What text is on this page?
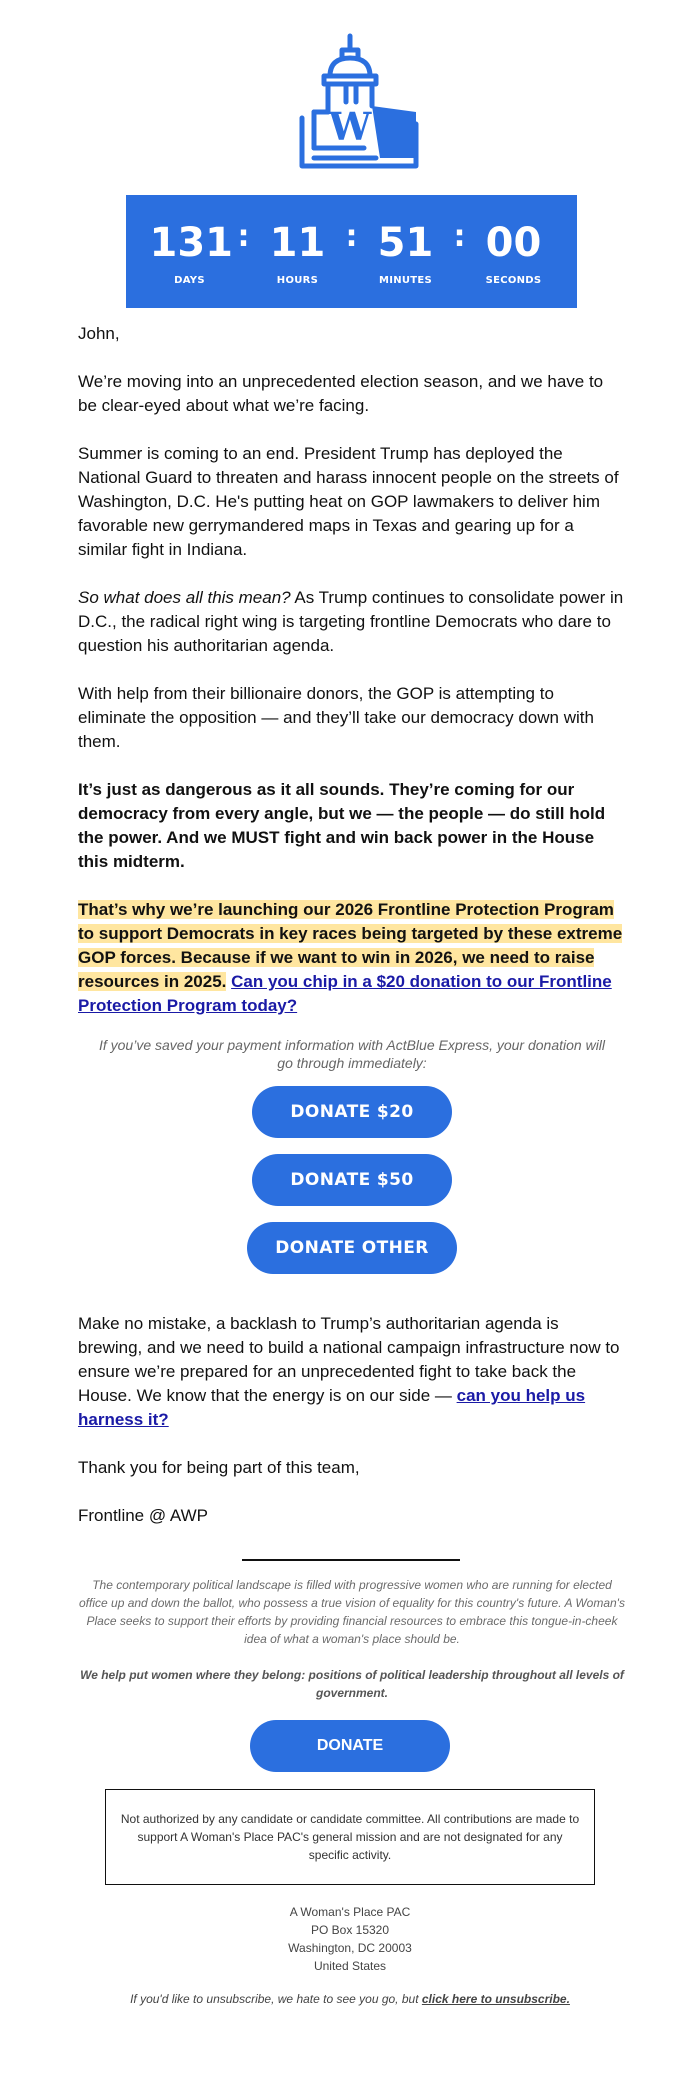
W
131
DAYS
: 11
HOURS
: 51
MINUTES
: 00
SECONDS

John,

We’re moving into an unprecedented election season, and we have to be clear-eyed about what we’re facing.

Summer is coming to an end. President Trump has deployed the National Guard to threaten and harass innocent people on the streets of Washington, D.C. He's putting heat on GOP lawmakers to deliver him favorable new gerrymandered maps in Texas and gearing up for a similar fight in Indiana.

So what does all this mean? As Trump continues to consolidate power in D.C., the radical right wing is targeting frontline Democrats who dare to question his authoritarian agenda.

With help from their billionaire donors, the GOP is attempting to eliminate the opposition — and they’ll take our democracy down with them.

It’s just as dangerous as it all sounds. They’re coming for our democracy from every angle, but we — the people — do still hold the power. And we MUST fight and win back power in the House this midterm.

That’s why we’re launching our 2026 Frontline Protection Program to support Democrats in key races being targeted by these extreme GOP forces. Because if we want to win in 2026, we need to raise resources in 2025. Can you chip in a $20 donation to our Frontline Protection Program today?

If you’ve saved your payment information with ActBlue Express, your donation will go through immediately:
DONATE $20
DONATE $50
DONATE OTHER

Make no mistake, a backlash to Trump’s authoritarian agenda is brewing, and we need to build a national campaign infrastructure now to ensure we’re prepared for an unprecedented fight to take back the House. We know that the energy is on our side — can you help us harness it?

Thank you for being part of this team,

Frontline @ AWP

The contemporary political landscape is filled with progressive women who are running for elected office up and down the ballot, who possess a true vision of equality for this country's future. A Woman's Place seeks to support their efforts by providing financial resources to embrace this tongue-in-cheek idea of what a woman's place should be.
We help put women where they belong: positions of political leadership throughout all levels of government.
DONATE
Not authorized by any candidate or candidate committee. All contributions are made to support A Woman's Place PAC's general mission and are not designated for any specific activity.
A Woman's Place PAC
PO Box 15320
Washington, DC 20003
United States
If you'd like to unsubscribe, we hate to see you go, but click here to unsubscribe.
